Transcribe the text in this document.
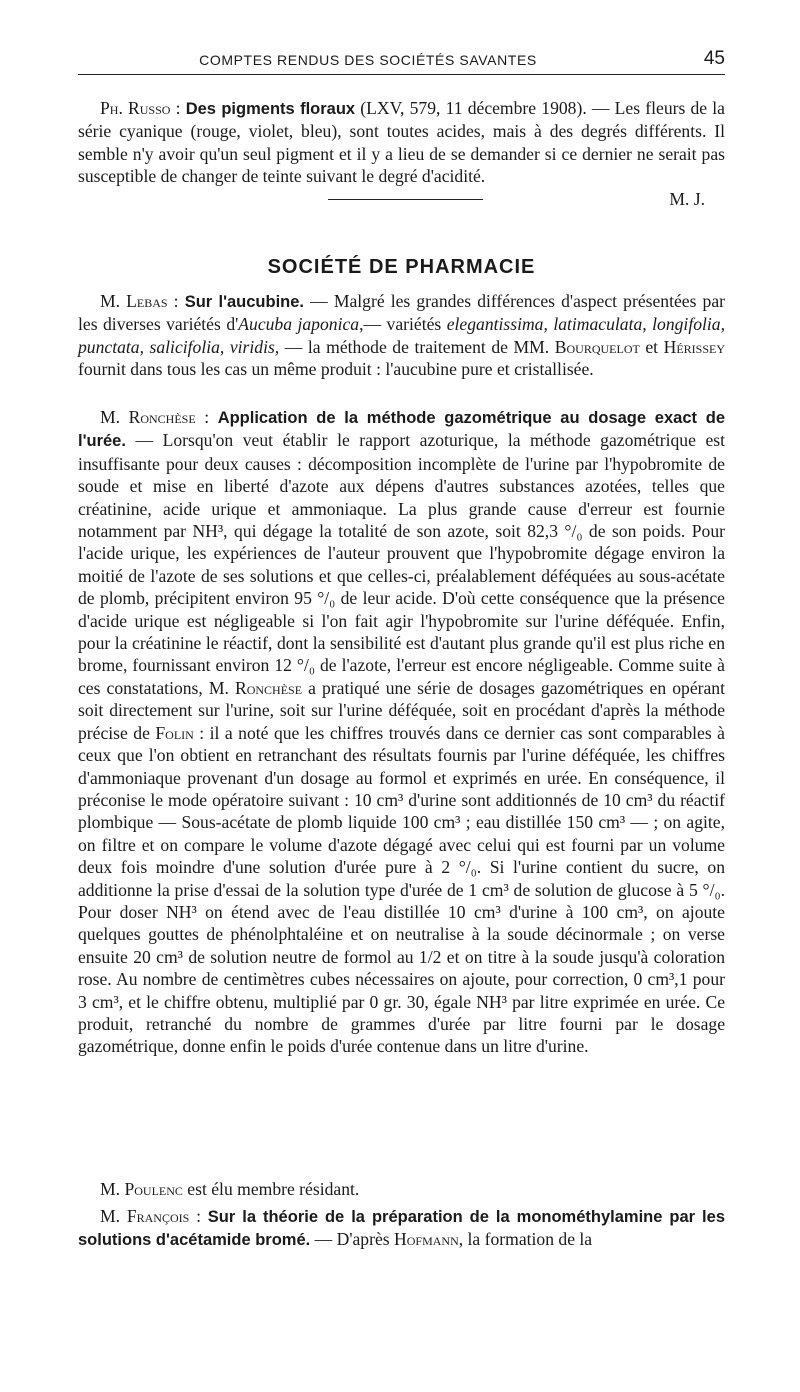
COMPTES RENDUS DES SOCIÉTÉS SAVANTES	45
Ph. Russo : Des pigments floraux (LXV, 579, 11 décembre 1908). — Les fleurs de la série cyanique (rouge, violet, bleu), sont toutes acides, mais à des degrés différents. Il semble n'y avoir qu'un seul pigment et il y a lieu de se demander si ce dernier ne serait pas susceptible de changer de teinte suivant le degré d'acidité.
M. J.
SOCIÉTÉ DE PHARMACIE
M. Lebas : Sur l'aucubine. — Malgré les grandes différences d'aspect présentées par les diverses variétés d'Aucuba japonica,— variétés elegantissima, latimaculata, longifolia, punctata, salicifolia, viridis, — la méthode de traitement de MM. Bourquelot et Hérissey fournit dans tous les cas un même produit : l'aucubine pure et cristallisée.
M. Ronchèse : Application de la méthode gazométrique au dosage exact de l'urée. — Lorsqu'on veut établir le rapport azoturique, la méthode gazométrique est insuffisante pour deux causes : décomposition incomplète de l'urine par l'hypobromite de soude et mise en liberté d'azote aux dépens d'autres substances azotées, telles que créatinine, acide urique et ammoniaque. La plus grande cause d'erreur est fournie notamment par NH³, qui dégage la totalité de son azote, soit 82,3 °/₀ de son poids. Pour l'acide urique, les expériences de l'auteur prouvent que l'hypobromite dégage environ la moitié de l'azote de ses solutions et que celles-ci, préalablement déféquées au sous-acétate de plomb, précipitent environ 95 °/₀ de leur acide. D'où cette conséquence que la présence d'acide urique est négligeable si l'on fait agir l'hypobromite sur l'urine déféquée. Enfin, pour la créatinine le réactif, dont la sensibilité est d'autant plus grande qu'il est plus riche en brome, fournissant environ 12 °/₀ de l'azote, l'erreur est encore négligeable. Comme suite à ces constatations, M. Ronchèse a pratiqué une série de dosages gazométriques en opérant soit directement sur l'urine, soit sur l'urine déféquée, soit en procédant d'après la méthode précise de Folin : il a noté que les chiffres trouvés dans ce dernier cas sont comparables à ceux que l'on obtient en retranchant des résultats fournis par l'urine déféquée, les chiffres d'ammoniaque provenant d'un dosage au formol et exprimés en urée. En conséquence, il préconise le mode opératoire suivant : 10 cm³ d'urine sont additionnés de 10 cm³ du réactif plombique — Sous-acétate de plomb liquide 100 cm³ ; eau distillée 150 cm³ — ; on agite, on filtre et on compare le volume d'azote dégagé avec celui qui est fourni par un volume deux fois moindre d'une solution d'urée pure à 2 °/₀. Si l'urine contient du sucre, on additionne la prise d'essai de la solution type d'urée de 1 cm³ de solution de glucose à 5 °/₀. Pour doser NH³ on étend avec de l'eau distillée 10 cm³ d'urine à 100 cm³, on ajoute quelques gouttes de phénolphtaléine et on neutralise à la soude décinormale ; on verse ensuite 20 cm³ de solution neutre de formol au 1/2 et on titre à la soude jusqu'à coloration rose. Au nombre de centimètres cubes nécessaires on ajoute, pour correction, 0 cm³,1 pour 3 cm³, et le chiffre obtenu, multiplié par 0 gr. 30, égale NH³ par litre exprimée en urée. Ce produit, retranché du nombre de grammes d'urée par litre fourni par le dosage gazométrique, donne enfin le poids d'urée contenue dans un litre d'urine.
M. Poulenc est élu membre résidant.
M. François : Sur la théorie de la préparation de la monométhylamine par les solutions d'acétamide bromé. — D'après Hofmann, la formation de la
